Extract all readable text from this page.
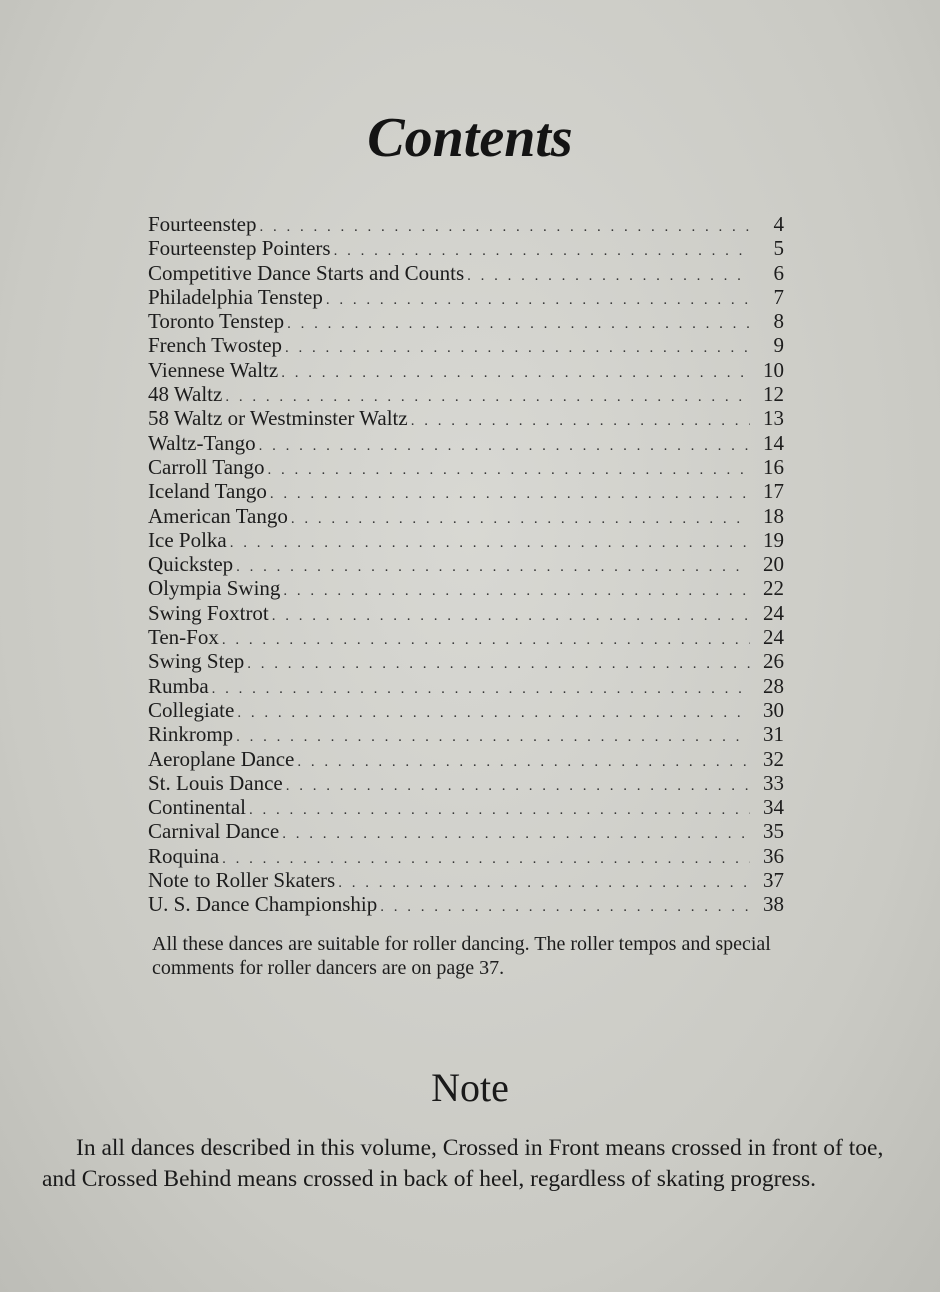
Contents
Fourteenstep . . .	4
Fourteenstep Pointers . . .	5
Competitive Dance Starts and Counts . . .	6
Philadelphia Tenstep . . .	7
Toronto Tenstep . . .	8
French Twostep . . .	9
Viennese Waltz . . .	10
48 Waltz . . .	12
58 Waltz or Westminster Waltz . . .	13
Waltz-Tango . . .	14
Carroll Tango . . .	16
Iceland Tango . . .	17
American Tango . . .	18
Ice Polka . . .	19
Quickstep . . .	20
Olympia Swing . . .	22
Swing Foxtrot . . .	24
Ten-Fox . . .	24
Swing Step . . .	26
Rumba . . .	28
Collegiate . . .	30
Rinkromp . . .	31
Aeroplane Dance . . .	32
St. Louis Dance . . .	33
Continental . . .	34
Carnival Dance . . .	35
Roquina . . .	36
Note to Roller Skaters . . .	37
U. S. Dance Championship . . .	38
All these dances are suitable for roller dancing. The roller tempos and special comments for roller dancers are on page 37.
Note
In all dances described in this volume, Crossed in Front means crossed in front of toe, and Crossed Behind means crossed in back of heel, regardless of skating progress.
